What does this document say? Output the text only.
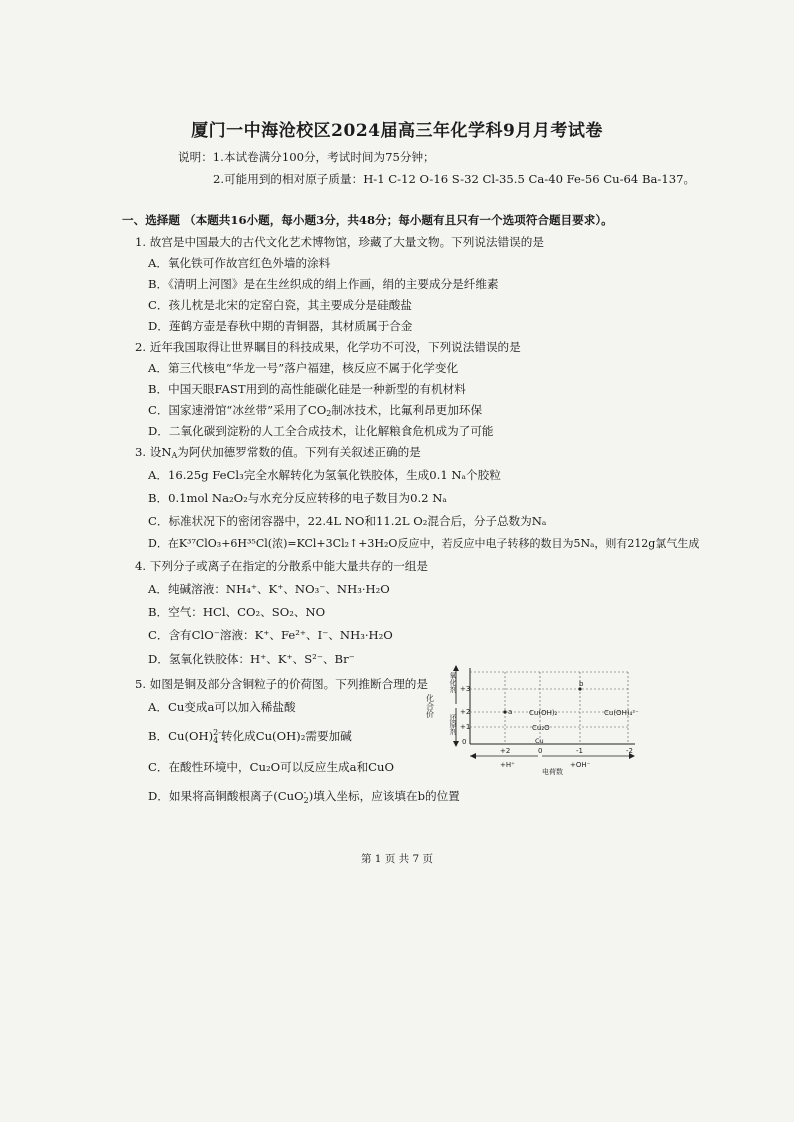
厦门一中海沧校区2024届高三年化学科9月月考试卷
说明：1.本试卷满分100分，考试时间为75分钟；
2.可能用到的相对原子质量：H-1 C-12 O-16 S-32 Cl-35.5 Ca-40 Fe-56 Cu-64 Ba-137。
一、选择题 （本题共16小题，每小题3分，共48分；每小题有且只有一个选项符合题目要求）。
1. 故宫是中国最大的古代文化艺术博物馆，珍藏了大量文物。下列说法错误的是
A．氧化铁可作故宫红色外墙的涂料
B．《清明上河图》是在生丝织成的绢上作画，绢的主要成分是纤维素
C．孩儿枕是北宋的定窑白瓷，其主要成分是硅酸盐
D．莲鹤方壶是春秋中期的青铜器，其材质属于合金
2. 近年我国取得让世界瞩目的科技成果，化学功不可没，下列说法错误的是
A．第三代核电“华龙一号”落户福建，核反应不属于化学变化
B．中国天眼FAST用到的高性能碳化硅是一种新型的有机材料
C．国家速滑馆“冰丝带”采用了$CO_2$制冰技术，比氟利昂更加环保
D．二氧化碳到淀粉的人工全合成技术，让化解粮食危机成为了可能
3. 设$N_A$为阿伏加德罗常数的值。下列有关叙述正确的是
A．16.25g FeCl₃完全水解转化为氢氧化铁胶体，生成0.1 Nₐ个胶粒
B．0.1mol Na₂O₂与水充分反应转移的电子数目为0.2 Nₐ
C．标准状况下的密闭容器中，22.4L NO和11.2L O₂混合后，分子总数为Nₐ
D．在K³⁷ClO₃+6H³⁵Cl(浓)=KCl+3Cl₂↑+3H₂O反应中，若反应中电子转移的数目为5Nₐ，则有212g氯气生成
4. 下列分子或离子在指定的分散系中能大量共存的一组是
A．纯碱溶液：NH₄⁺、K⁺、NO₃⁻、NH₃·H₂O
B．空气：HCl、CO₂、SO₂、NO
C．含有ClO⁻溶液：K⁺、Fe²⁺、I⁻、NH₃·H₂O
D．氢氧化铁胶体：H⁺、K⁺、S²⁻、Br⁻
5. 如图是铜及部分含铜粒子的价荷图。下列推断合理的是
A．Cu变成a可以加入稀盐酸
B．Cu(OH) 2-
4 转化成Cu(OH)₂需要加碱
C．在酸性环境中，Cu₂O可以反应生成a和CuO
D．如果将高铜酸根离子(CuO -
2 )填入坐标，应该填在b的位置
化合价
氧化剂
还原剂
+3
+2
+1
0
+2	0	-1	-2
a
b
Cu(OH)₂	Cu(OH)₄²⁻
Cu₂O
Cu
+H⁺	+OH⁻
电荷数
第 1 页 共 7 页
